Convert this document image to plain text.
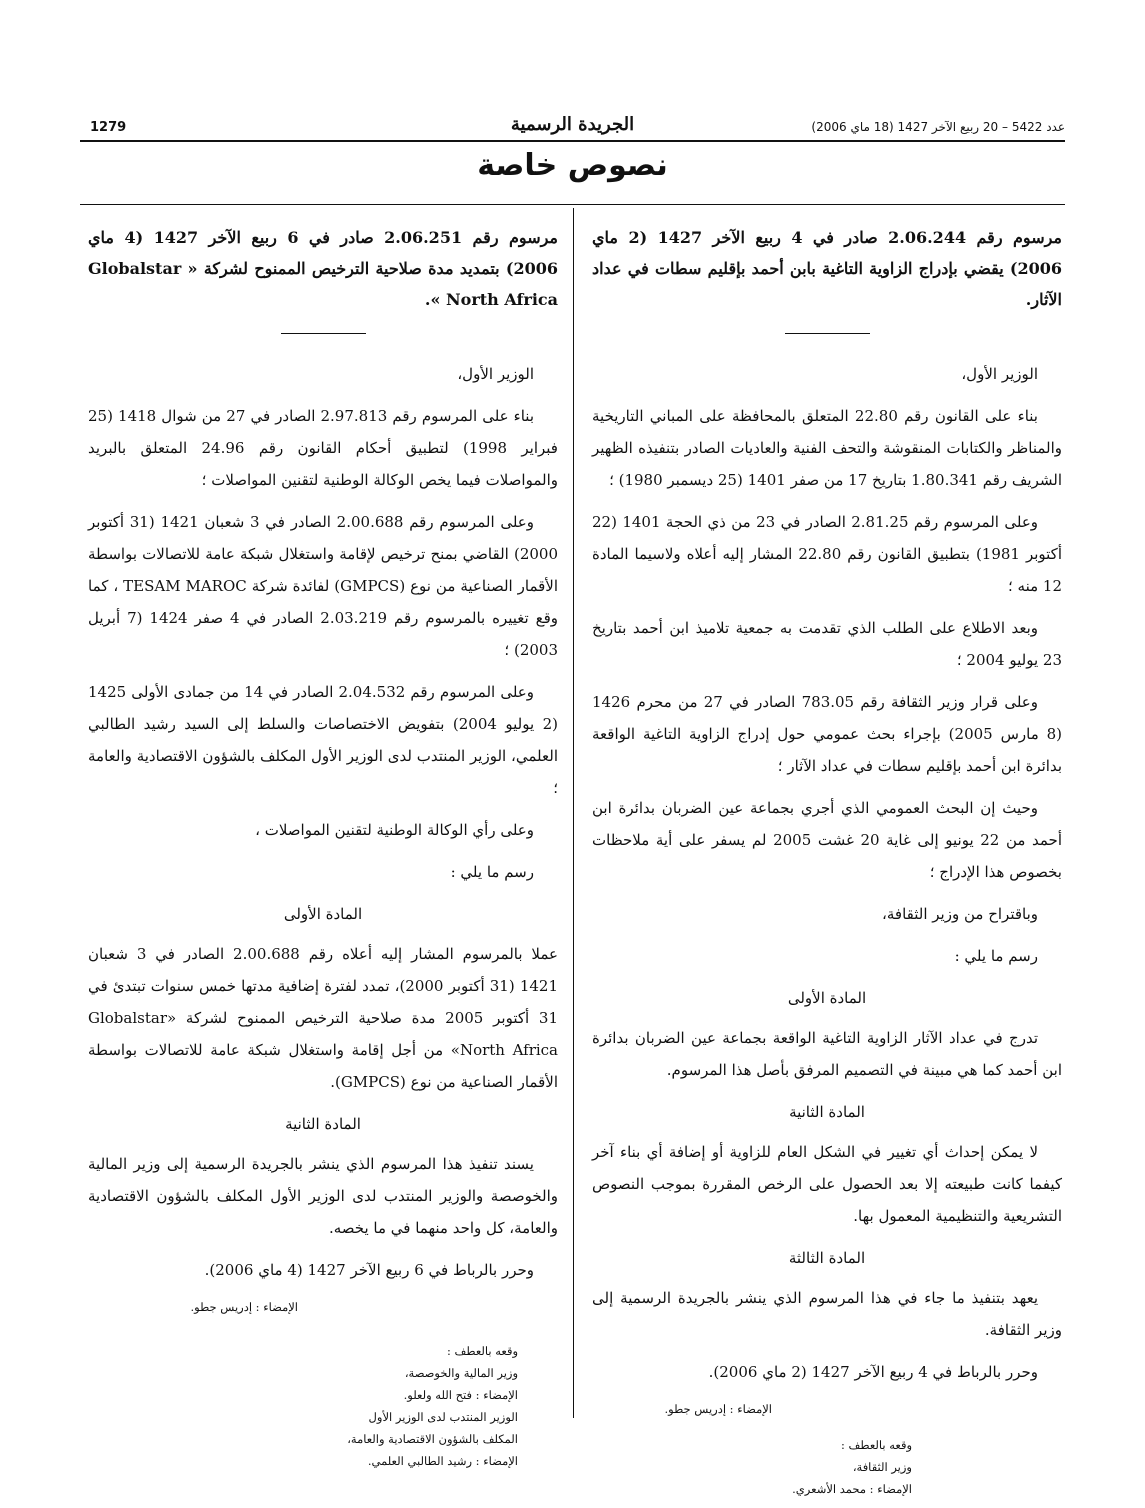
1279	الجريدة الرسمية	عدد 5422 – 20 ربيع الآخر 1427 (18 ماي 2006)
نصوص خاصة

مرسوم رقم 2.06.244 صادر في 4 ربيع الآخر 1427 (2 ماي 2006) يقضي بإدراج الزاوية التاغية بابن أحمد بإقليم سطات في عداد الآثار.

الوزير الأول،

بناء على القانون رقم 22.80 المتعلق بالمحافظة على المباني التاريخية والمناظر والكتابات المنقوشة والتحف الفنية والعاديات الصادر بتنفيذه الظهير الشريف رقم 1.80.341 بتاريخ 17 من صفر 1401 (25 ديسمبر 1980) ؛

وعلى المرسوم رقم 2.81.25 الصادر في 23 من ذي الحجة 1401 (22 أكتوبر 1981) بتطبيق القانون رقم 22.80 المشار إليه أعلاه ولاسيما المادة 12 منه ؛

وبعد الاطلاع على الطلب الذي تقدمت به جمعية تلاميذ ابن أحمد بتاريخ 23 يوليو 2004 ؛

وعلى قرار وزير الثقافة رقم 783.05 الصادر في 27 من محرم 1426 (8 مارس 2005) بإجراء بحث عمومي حول إدراج الزاوية التاغية الواقعة بدائرة ابن أحمد بإقليم سطات في عداد الآثار ؛

وحيث إن البحث العمومي الذي أجري بجماعة عين الضربان بدائرة ابن أحمد من 22 يونيو إلى غاية 20 غشت 2005 لم يسفر على أية ملاحظات بخصوص هذا الإدراج ؛

وباقتراح من وزير الثقافة،

رسم ما يلي :

المادة الأولى

تدرج في عداد الآثار الزاوية التاغية الواقعة بجماعة عين الضربان بدائرة ابن أحمد كما هي مبينة في التصميم المرفق بأصل هذا المرسوم.

المادة الثانية

لا يمكن إحداث أي تغيير في الشكل العام للزاوية أو إضافة أي بناء آخر كيفما كانت طبيعته إلا بعد الحصول على الرخص المقررة بموجب النصوص التشريعية والتنظيمية المعمول بها.

المادة الثالثة

يعهد بتنفيذ ما جاء في هذا المرسوم الذي ينشر بالجريدة الرسمية إلى وزير الثقافة.

وحرر بالرباط في 4 ربيع الآخر 1427 (2 ماي 2006).

الإمضاء : إدريس جطو.

وقعه بالعطف :

وزير الثقافة،

الإمضاء : محمد الأشعري.

مرسوم رقم 2.06.251 صادر في 6 ربيع الآخر 1427 (4 ماي 2006) بتمديد مدة صلاحية الترخيص الممنوح لشركة « Globalstar North Africa ».

الوزير الأول،

بناء على المرسوم رقم 2.97.813 الصادر في 27 من شوال 1418 (25 فبراير 1998) لتطبيق أحكام القانون رقم 24.96 المتعلق بالبريد والمواصلات فيما يخص الوكالة الوطنية لتقنين المواصلات ؛

وعلى المرسوم رقم 2.00.688 الصادر في 3 شعبان 1421 (31 أكتوبر 2000) القاضي بمنح ترخيص لإقامة واستغلال شبكة عامة للاتصالات بواسطة الأقمار الصناعية من نوع (GMPCS) لفائدة شركة TESAM MAROC ، كما وقع تغييره بالمرسوم رقم 2.03.219 الصادر في 4 صفر 1424 (7 أبريل 2003) ؛

وعلى المرسوم رقم 2.04.532 الصادر في 14 من جمادى الأولى 1425 (2 يوليو 2004) بتفويض الاختصاصات والسلط إلى السيد رشيد الطالبي العلمي، الوزير المنتدب لدى الوزير الأول المكلف بالشؤون الاقتصادية والعامة ؛

وعلى رأي الوكالة الوطنية لتقنين المواصلات ،

رسم ما يلي :

المادة الأولى

عملا بالمرسوم المشار إليه أعلاه رقم 2.00.688 الصادر في 3 شعبان 1421 (31 أكتوبر 2000)، تمدد لفترة إضافية مدتها خمس سنوات تبتدئ في 31 أكتوبر 2005 مدة صلاحية الترخيص الممنوح لشركة «Globalstar North Africa» من أجل إقامة واستغلال شبكة عامة للاتصالات بواسطة الأقمار الصناعية من نوع (GMPCS).

المادة الثانية

يسند تنفيذ هذا المرسوم الذي ينشر بالجريدة الرسمية إلى وزير المالية والخوصصة والوزير المنتدب لدى الوزير الأول المكلف بالشؤون الاقتصادية والعامة، كل واحد منهما في ما يخصه.

وحرر بالرباط في 6 ربيع الآخر 1427 (4 ماي 2006).

الإمضاء : إدريس جطو.

وقعه بالعطف :

وزير المالية والخوصصة،

الإمضاء : فتح الله ولعلو.

الوزير المنتدب لدى الوزير الأول

المكلف بالشؤون الاقتصادية والعامة،

الإمضاء : رشيد الطالبي العلمي.
